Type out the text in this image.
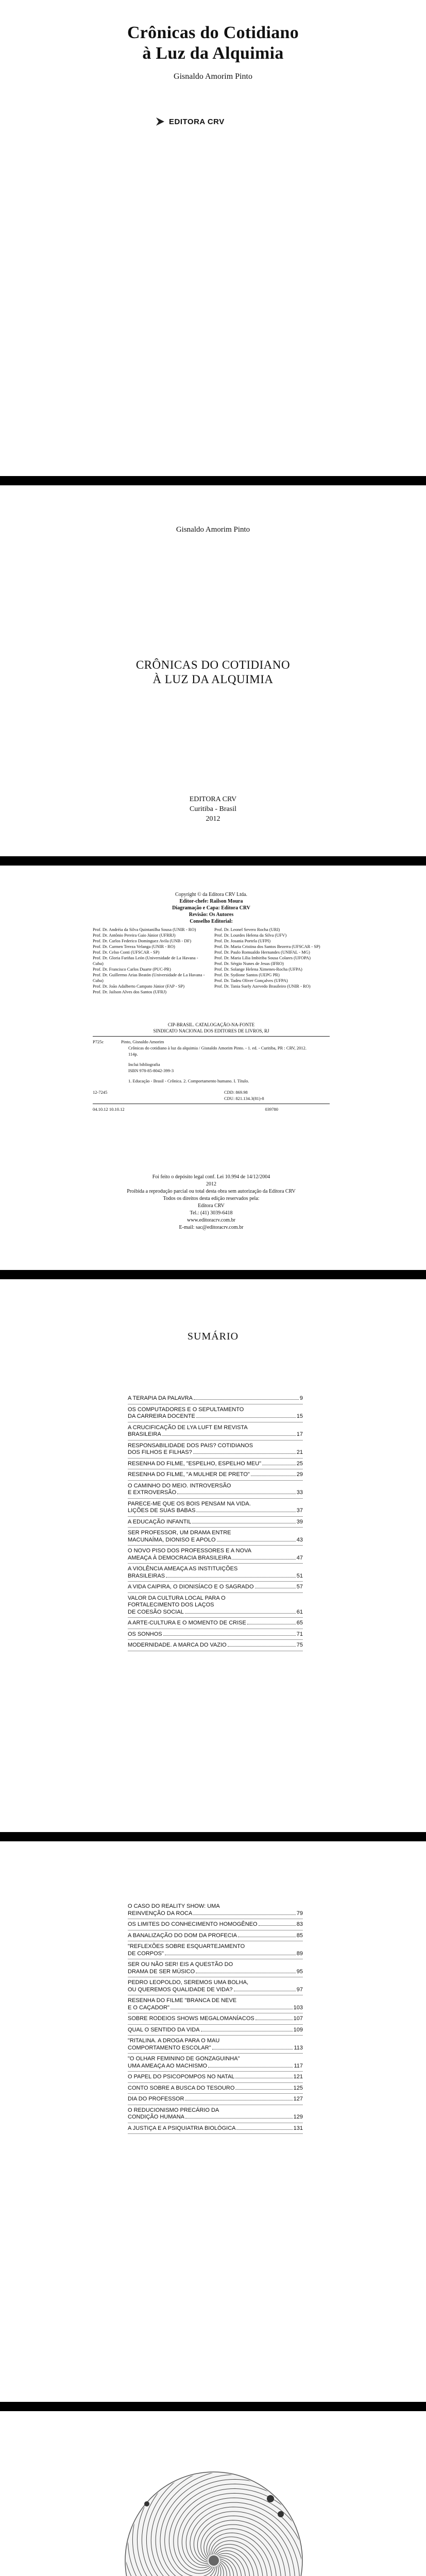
Crônicas do Cotidiano
à Luz da Alquimia
Gisnaldo Amorim Pinto
EDITORA CRV
Gisnaldo Amorim Pinto
CRÔNICAS DO COTIDIANO
À LUZ DA ALQUIMIA
EDITORA CRV
Curitiba - Brasil
2012
Copyright © da Editora CRV Ltda.
Editor-chefe: Railson Moura
Diagramação e Capa: Editora CRV
Revisão: Os Autores
Conselho Editorial:
Prof. Dr. Andréia da Silva Quintanilha Sousa (UNIR - RO)
Prof. Dr. Antônio Pereira Gaio Júnior (UFRRJ)
Prof. Dr. Carlos Federico Dominguez Avila (UNB - DF)
Prof. Dr. Carmen Tereza Velanga (UNIR - RO)
Prof. Dr. Celso Conti (UFSCAR - SP)
Prof. Dr. Gloria Fariñas León (Universidade de La Havana - Cuba)
Prof. Dr. Francisco Carlos Duarte (PUC-PR)
Prof. Dr. Guillermo Arias Beatón (Universidade de La Havana - Cuba)
Prof. Dr. João Adalberto Campato Júnior (FAP - SP)
Prof. Dr. Jailson Alves dos Santos (UFRJ)
Prof. Dr. Leonel Severo Rocha (URI)
Prof. Dr. Lourdes Helena da Silva (UFV)
Prof. Dr. Josania Portela (UFPI)
Prof. Dr. Maria Cristina dos Santos Bezerra (UFSCAR - SP)
Prof. Dr. Paulo Romualdo Hernandes (UNIFAL - MG)
Prof. Dr. Maria Lília Imbiriba Sousa Colares (UFOPA)
Prof. Dr. Sérgio Nunes de Jesus (IFRO)
Prof. Dr. Solange Helena Ximenes-Rocha (UFPA)
Prof. Dr. Sydione Santos (UEPG PR)
Prof. Dr. Tadeu Oliver Gonçalves (UFPA)
Prof. Dr. Tania Suely Azevedo Brasileiro (UNIR - RO)
CIP-BRASIL. CATALOGAÇÃO-NA-FONTE
SINDICATO NACIONAL DOS EDITORES DE LIVROS, RJ
P725c	Pinto, Gisnaldo Amorim
Crônicas do cotidiano à luz da alquimia / Gisnaldo Amorim Pinto. - 1. ed. - Curitiba, PR : CRV, 2012.
114p.
Inclui bibliografia
ISBN 978-85-8042-399-3
1. Educação - Brasil - Crônica. 2. Comportamento humano. I. Título.
12-7245	CDD: 869.98
CDU: 821.134.3(81)-8
04.10.12 10.10.12	039780
Foi feito o depósito legal conf. Lei 10.994 de 14/12/2004
2012
Proibida a reprodução parcial ou total desta obra sem autorização da Editora CRV
Todos os direitos desta edição reservados pela:
Editora CRV
Tel.: (41) 3039-6418
www.editoracrv.com.br
E-mail: sac@editoracrv.com.br
SUMÁRIO
A TERAPIA DA PALAVRA	9
OS COMPUTADORES E O SEPULTAMENTO
DA CARREIRA DOCENTE	15
A CRUCIFICAÇÃO DE LYA LUFT EM REVISTA
BRASILEIRA	17
RESPONSABILIDADE DOS PAIS? COTIDIANOS
DOS FILHOS E FILHAS?	21
RESENHA DO FILME, "ESPELHO, ESPELHO MEU"	25
RESENHA DO FILME, "A MULHER DE PRETO"	29
O CAMINHO DO MEIO. INTROVERSÃO
E EXTROVERSÃO	33
PARECE-ME QUE OS BOIS PENSAM NA VIDA.
LIÇÕES DE SUAS BABAS	37
A EDUCAÇÃO INFANTIL	39
SER PROFESSOR, UM DRAMA ENTRE
MACUNAÍMA, DIONISO E APOLO	43
O NOVO PISO DOS PROFESSORES E A NOVA
AMEAÇA À DEMOCRACIA BRASILEIRA	47
A VIOLÊNCIA AMEAÇA AS INSTITUIÇÕES
BRASILEIRAS	51
A VIDA CAIPIRA, O DIONISÍACO E O SAGRADO	57
VALOR DA CULTURA LOCAL PARA O
FORTALECIMENTO DOS LAÇOS
DE COESÃO SOCIAL	61
A ARTE-CULTURA E O MOMENTO DE CRISE	65
OS SONHOS	71
MODERNIDADE. A MARCA DO VAZIO	75
O CASO DO REALITY SHOW: UMA
REINVENÇÃO DA ROCA	79
OS LIMITES DO CONHECIMENTO HOMOGÊNEO	83
A BANALIZAÇÃO DO DOM DA PROFECIA	85
"REFLEXÕES SOBRE ESQUARTEJAMENTO
DE CORPOS"	89
SER OU NÃO SER! EIS A QUESTÃO DO
DRAMA DE SER MÚSICO	95
PEDRO LEOPOLDO, SEREMOS UMA BOLHA,
OU QUEREMOS QUALIDADE DE VIDA?	97
RESENHA DO FILME "BRANCA DE NEVE
E O CAÇADOR"	103
SOBRE RODEIOS SHOWS MEGALOMANÍACOS	107
QUAL O SENTIDO DA VIDA	109
"RITALINA. A DROGA PARA O MAU
COMPORTAMENTO ESCOLAR"	113
"O OLHAR FEMININO DE GONZAGUINHA"
UMA AMEAÇA AO MACHISMO	117
O PAPEL DO PSICOPOMPOS NO NATAL	121
CONTO SOBRE A BUSCA DO TESOURO	125
DIA DO PROFESSOR	127
O REDUCIONISMO PRECÁRIO DA
CONDIÇÃO HUMANA	129
A JUSTIÇA E A PSIQUIATRIA BIOLÓGICA	131
